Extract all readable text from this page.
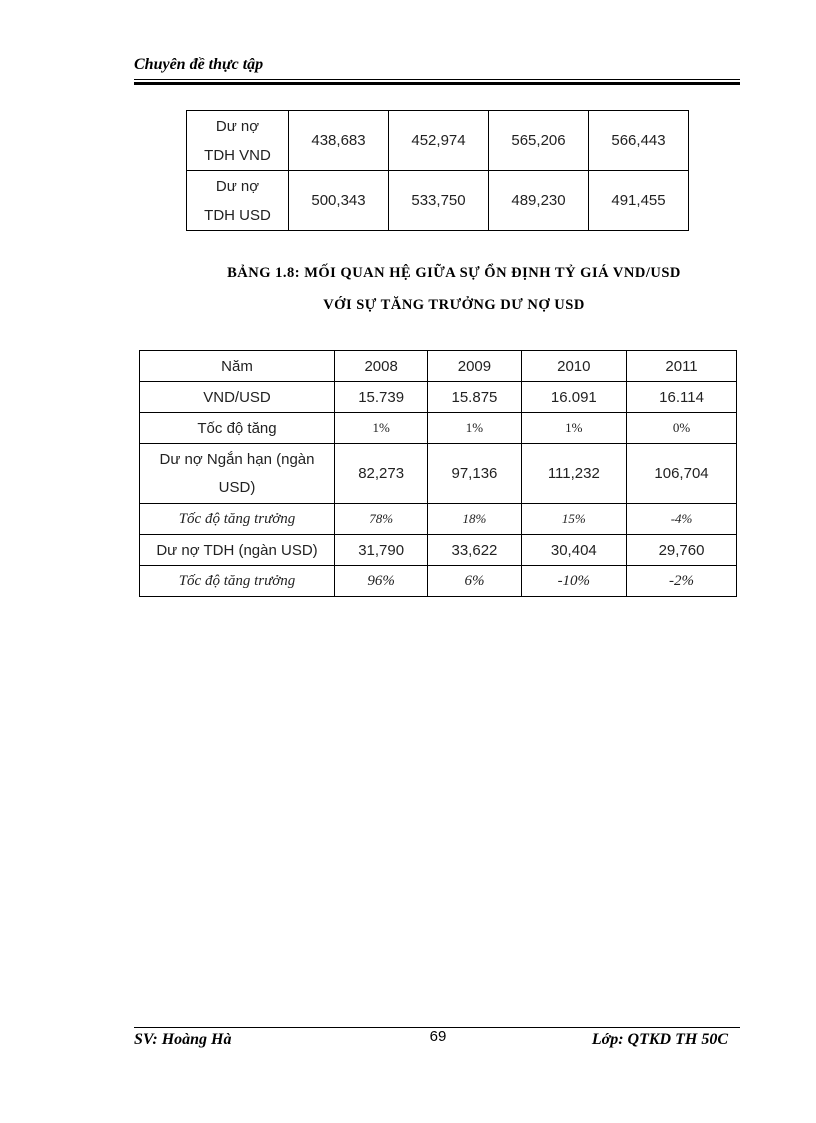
Chuyên đề thực tập
Dư nợ
TDH VND	438,683	452,974	565,206	566,443
Dư nợ
TDH USD	500,343	533,750	489,230	491,455
BẢNG 1.8: MỐI QUAN HỆ GIỮA SỰ ỔN ĐỊNH TỶ GIÁ VND/USD
VỚI SỰ TĂNG TRƯỞNG DƯ NỢ USD
Năm	2008	2009	2010	2011
VND/USD	15.739	15.875	16.091	16.114
Tốc độ tăng	1%	1%	1%	0%
Dư nợ Ngắn hạn (ngàn
USD)	82,273	97,136	111,232	106,704
Tốc độ tăng trưởng	78%	18%	15%	-4%
Dư nợ TDH (ngàn USD)	31,790	33,622	30,404	29,760
Tốc độ tăng trưởng	96%	6%	-10%	-2%
SV: Hoàng Hà	69	Lớp: QTKD TH 50C
